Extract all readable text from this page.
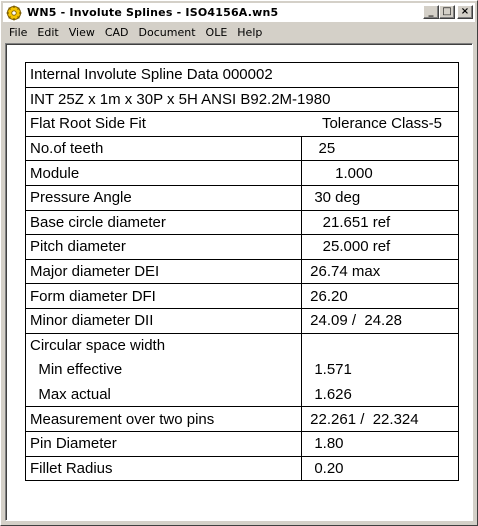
WN5 - Involute Splines - ISO4156A.wn5	_ □ ×
File Edit View CAD Document OLE Help
Internal Involute Spline Data 000002	
INT 25Z x 1m x 30P x 5H ANSI B92.2M-1980	

Flat Root Side Fit Tolerance Class-5	

No.of teeth	25
Module	1.000
Pressure Angle	30 deg
Base circle diameter	21.651 ref
Pitch diameter	25.000 ref
Major diameter DEI	26.74 max
Form diameter DFI	26.20
Minor diameter DII	24.09 /  24.28
Circular space width	
Min effective	1.571
Max actual	1.626
Measurement over two pins	22.261 /  22.324
Pin Diameter	1.80
Fillet Radius	0.20
